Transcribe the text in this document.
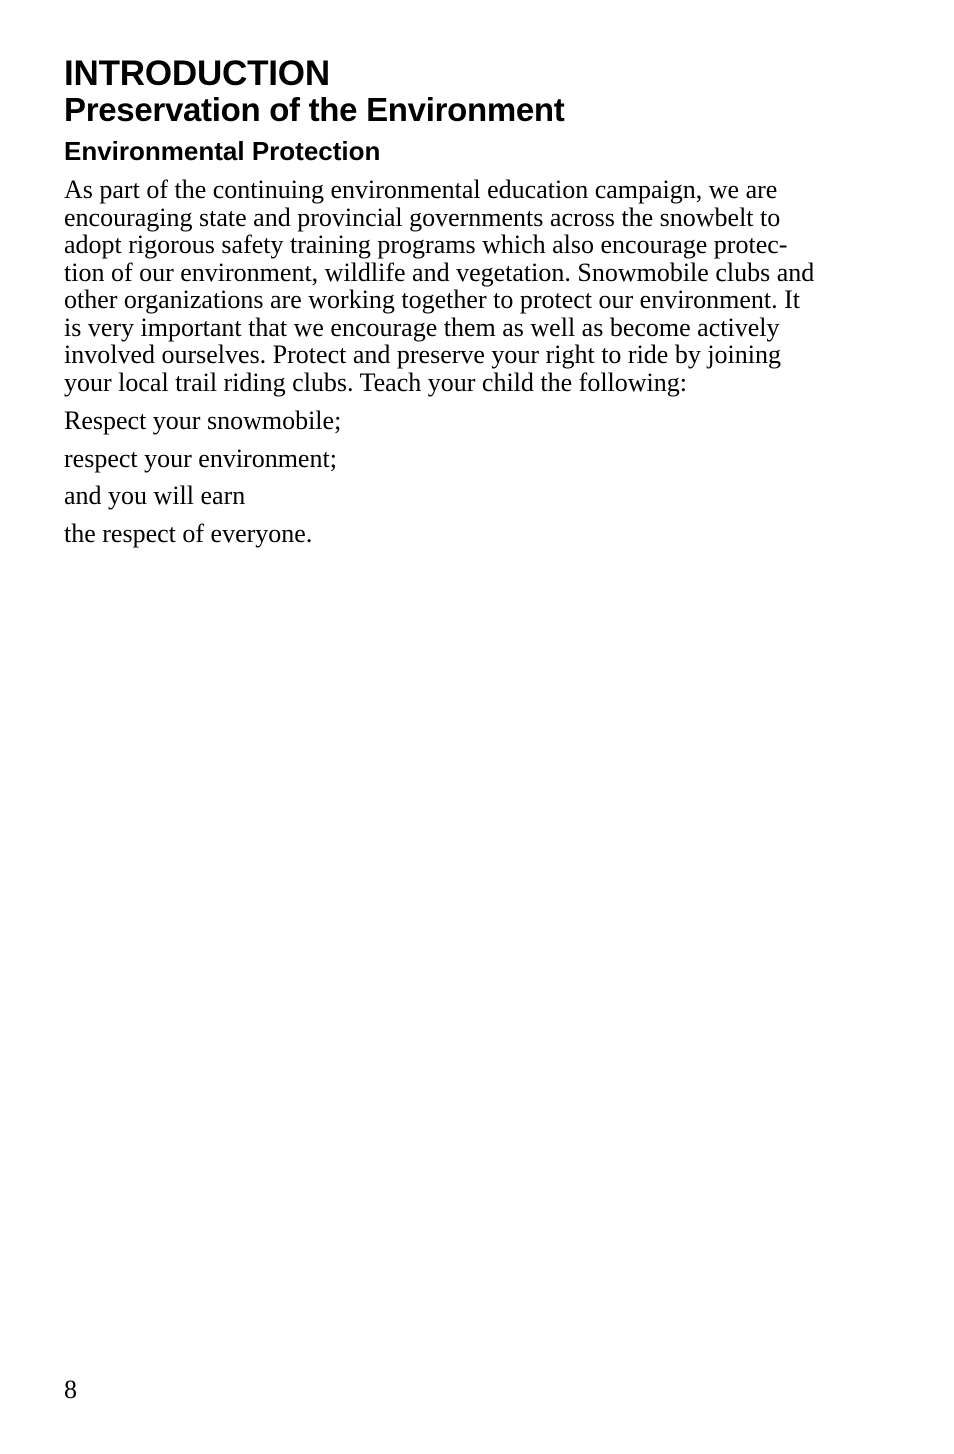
INTRODUCTION
Preservation of the Environment
Environmental Protection

As part of the continuing environmental education campaign, we are
encouraging state and provincial governments across the snowbelt to
adopt rigorous safety training programs which also encourage protec-
tion of our environment, wildlife and vegetation. Snowmobile clubs and
other organizations are working together to protect our environment. It
is very important that we encourage them as well as become actively
involved ourselves. Protect and preserve your right to ride by joining
your local trail riding clubs. Teach your child the following:

Respect your snowmobile;

respect your environment;

and you will earn

the respect of everyone.

8
